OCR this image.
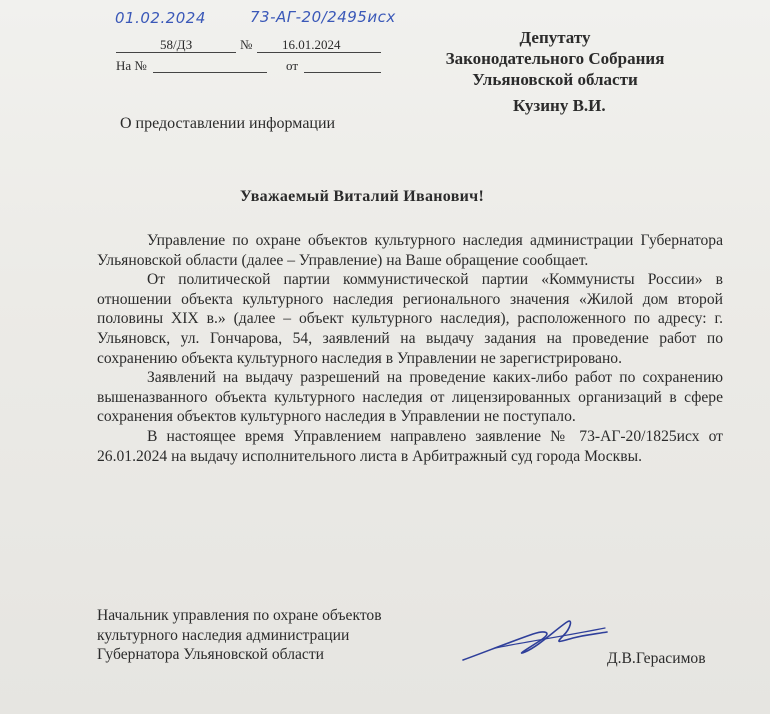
01.02.2024	73-АГ-20/2495исх
58/ДЗ	№ 16.01.2024
На №	от
Депутату
Законодательного Собрания
Ульяновской области
Кузину В.И.
О предоставлении информации
Уважаемый Виталий Иванович!

Управление по охране объектов культурного наследия администрации Губернатора Ульяновской области (далее – Управление) на Ваше обращение сообщает.

От политической партии коммунистической партии «Коммунисты России» в отношении объекта культурного наследия регионального значения «Жилой дом второй половины XIX в.» (далее – объект культурного наследия), расположенного по адресу: г. Ульяновск, ул. Гончарова, 54, заявлений на выдачу задания на проведение работ по сохранению объекта культурного наследия в Управлении не зарегистрировано.

Заявлений на выдачу разрешений на проведение каких-либо работ по сохранению вышеназванного объекта культурного наследия от лицензированных организаций в сфере сохранения объектов культурного наследия в Управлении не поступало.

В настоящее время Управлением направлено заявление № 73-АГ-20/1825исх от 26.01.2024 на выдачу исполнительного листа в Арбитражный суд города Москвы.

Начальник управления по охране объектов
культурного наследия администрации
Губернатора Ульяновской области	Д.В.Герасимов
